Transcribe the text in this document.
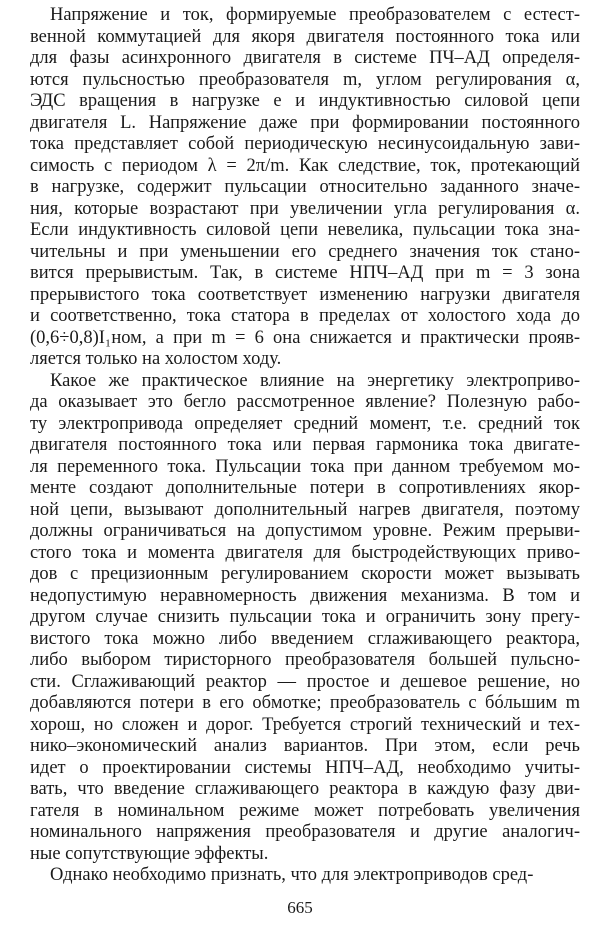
Напряжение и ток, формируемые преобразователем с естест-
венной коммутацией для якоря двигателя постоянного тока или
для фазы асинхронного двигателя в системе ПЧ–АД определя-
ются пульсностью преобразователя m, углом регулирования α,
ЭДС вращения в нагрузке e и индуктивностью силовой цепи
двигателя L. Напряжение даже при формировании постоянного
тока представляет собой периодическую несинусоидальную зави-
симость с периодом λ = 2π/m. Как следствие, ток, протекающий
в нагрузке, содержит пульсации относительно заданного значе-
ния, которые возрастают при увеличении угла регулирования α.
Если индуктивность силовой цепи невелика, пульсации тока зна-
чительны и при уменьшении его среднего значения ток стано-
вится прерывистым. Так, в системе НПЧ–АД при m = 3 зона
прерывистого тока соответствует изменению нагрузки двигателя
и соответственно, тока статора в пределах от холостого хода до
(0,6÷0,8)I₁ном, а при m = 6 она снижается и практически прояв-
ляется только на холостом ходу.
Какое же практическое влияние на энергетику электроприво-
да оказывает это бегло рассмотренное явление? Полезную рабо-
ту электропривода определяет средний момент, т.е. средний ток
двигателя постоянного тока или первая гармоника тока двигате-
ля переменного тока. Пульсации тока при данном требуемом мо-
менте создают дополнительные потери в сопротивлениях якор-
ной цепи, вызывают дополнительный нагрев двигателя, поэтому
должны ограничиваться на допустимом уровне. Режим прерыви-
стого тока и момента двигателя для быстродействующих приво-
дов с прецизионным регулированием скорости может вызывать
недопустимую неравномерность движения механизма. В том и
другом случае снизить пульсации тока и ограничить зону прery-
вистого тока можно либо введением сглаживающего реактора,
либо выбором тиристорного преобразователя большей пульсно-
сти. Сглаживающий реактор — простое и дешевое решение, но
добавляются потери в его обмотке; преобразователь с бóльшим m
хорош, но сложен и дорог. Требуется строгий технический и тех-
нико–экономический анализ вариантов. При этом, если речь
идет о проектировании системы НПЧ–АД, необходимо учиты-
вать, что введение сглаживающего реактора в каждую фазу дви-
гателя в номинальном режиме может потребовать увеличения
номинального напряжения преобразователя и другие аналогич-
ные сопутствующие эффекты.
Однако необходимо признать, что для электроприводов сред-
665
